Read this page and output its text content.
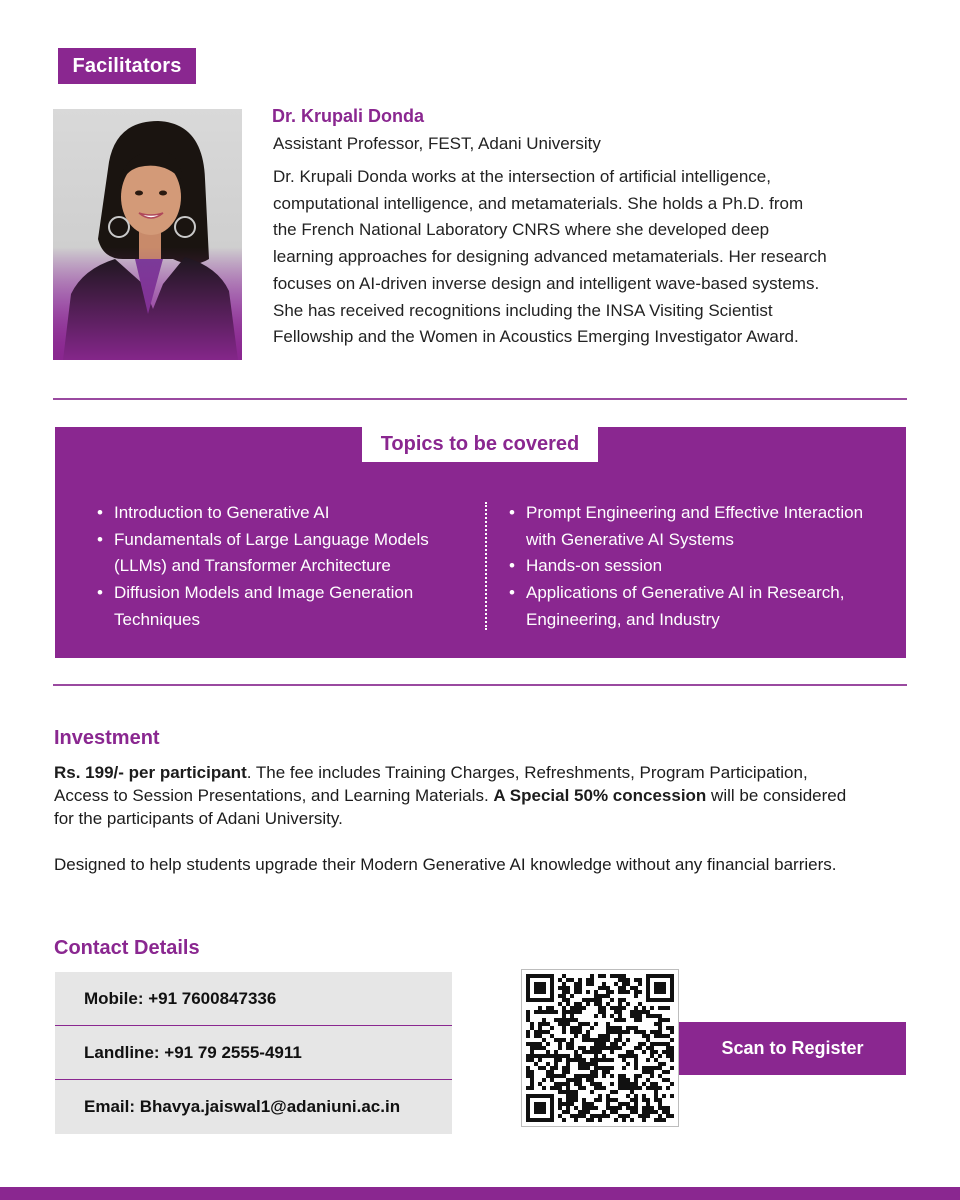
Facilitators
Dr. Krupali Donda
Assistant Professor, FEST, Adani University
Dr. Krupali Donda works at the intersection of artificial intelligence,
computational intelligence, and metamaterials. She holds a Ph.D. from
the French National Laboratory CNRS where she developed deep
learning approaches for designing advanced metamaterials. Her research
focuses on AI-driven inverse design and intelligent wave-based systems.
She has received recognitions including the INSA Visiting Scientist
Fellowship and the Women in Acoustics Emerging Investigator Award.
Topics to be covered
• Introduction to Generative AI
• Fundamentals of Large Language Models (LLMs) and Transformer Architecture
• Diffusion Models and Image Generation Techniques
• Prompt Engineering and Effective Interaction with Generative AI Systems
• Hands-on session
• Applications of Generative AI in Research, Engineering, and Industry
Investment

Rs. 199/- per participant. The fee includes Training Charges, Refreshments, Program Participation, Access to Session Presentations, and Learning Materials. A Special 50% concession will be considered for the participants of Adani University.

Designed to help students upgrade their Modern Generative AI knowledge without any financial barriers.

Contact Details
Mobile: +91 7600847336
Landline: +91 79 2555-4911
Email: Bhavya.jaiswal1@adaniuni.ac.in
Scan to Register
